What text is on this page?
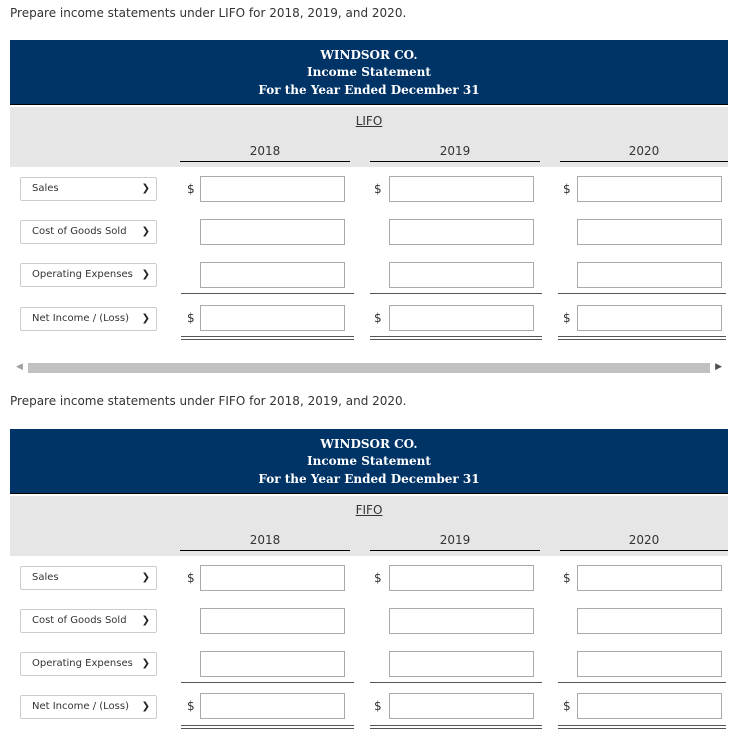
Prepare income statements under LIFO for 2018, 2019, and 2020.
WINDSOR CO.
Income Statement
For the Year Ended December 31
LIFO
2018	2019	2020
Sales	❯	$	$	$
Cost of Goods Sold ❯
Operating Expenses ❯
Net Income / (Loss) ❯	$	$	$
◀	▶
Prepare income statements under FIFO for 2018, 2019, and 2020.
WINDSOR CO.
Income Statement
For the Year Ended December 31
FIFO
2018	2019	2020
Sales	❯	$	$	$
Cost of Goods Sold ❯
Operating Expenses ❯
Net Income / (Loss) ❯	$	$	$
